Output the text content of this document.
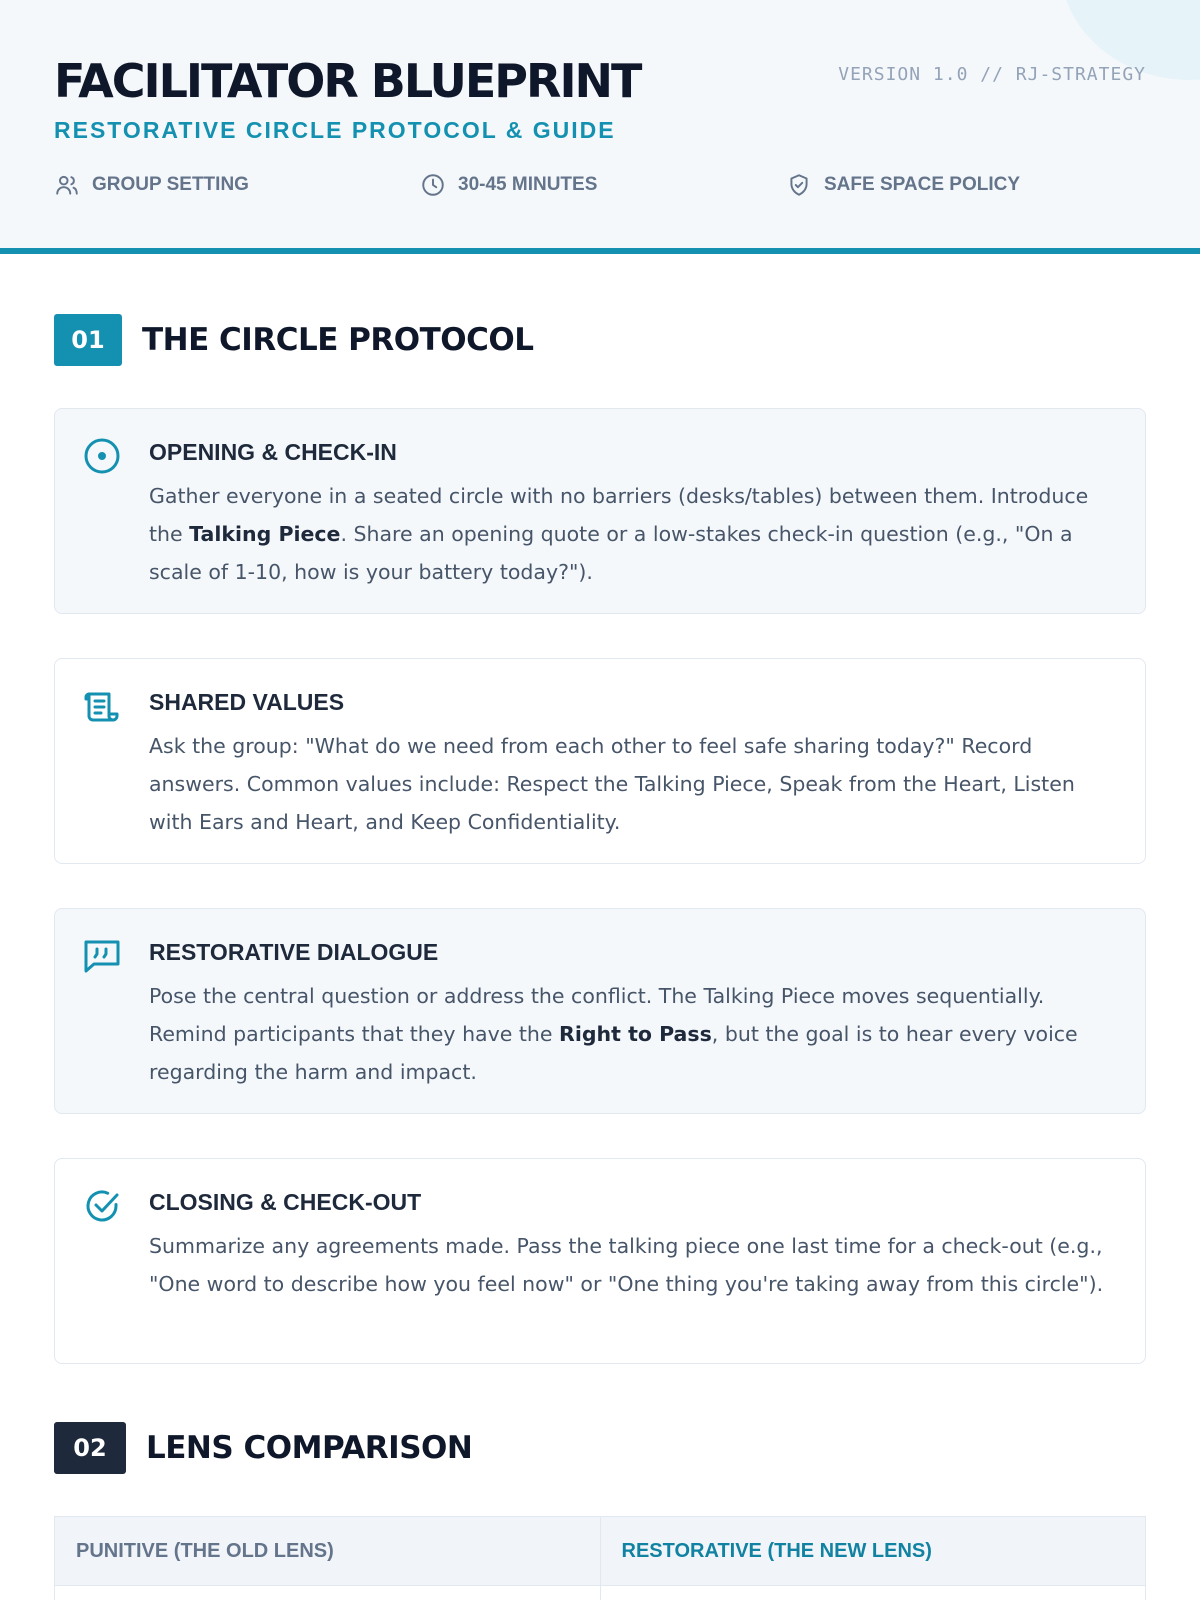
FACILITATOR BLUEPRINT
RESTORATIVE CIRCLE PROTOCOL & GUIDE
VERSION 1.0 // RJ-STRATEGY
GROUP SETTING	30-45 MINUTES	SAFE SPACE POLICY
01	THE CIRCLE PROTOCOL
OPENING & CHECK-IN

Gather everyone in a seated circle with no barriers (desks/tables) between them. Introduce the Talking Piece. Share an opening quote or a low-stakes check-in question (e.g., "On a scale of 1-10, how is your battery today?").

SHARED VALUES

Ask the group: "What do we need from each other to feel safe sharing today?" Record answers. Common values include: Respect the Talking Piece, Speak from the Heart, Listen with Ears and Heart, and Keep Confidentiality.

RESTORATIVE DIALOGUE

Pose the central question or address the conflict. The Talking Piece moves sequentially. Remind participants that they have the Right to Pass, but the goal is to hear every voice regarding the harm and impact.

CLOSING & CHECK-OUT

Summarize any agreements made. Pass the talking piece one last time for a check-out (e.g., "One word to describe how you feel now" or "One thing you're taking away from this circle").

02	LENS COMPARISON
PUNITIVE (THE OLD LENS)	RESTORATIVE (THE NEW LENS)
